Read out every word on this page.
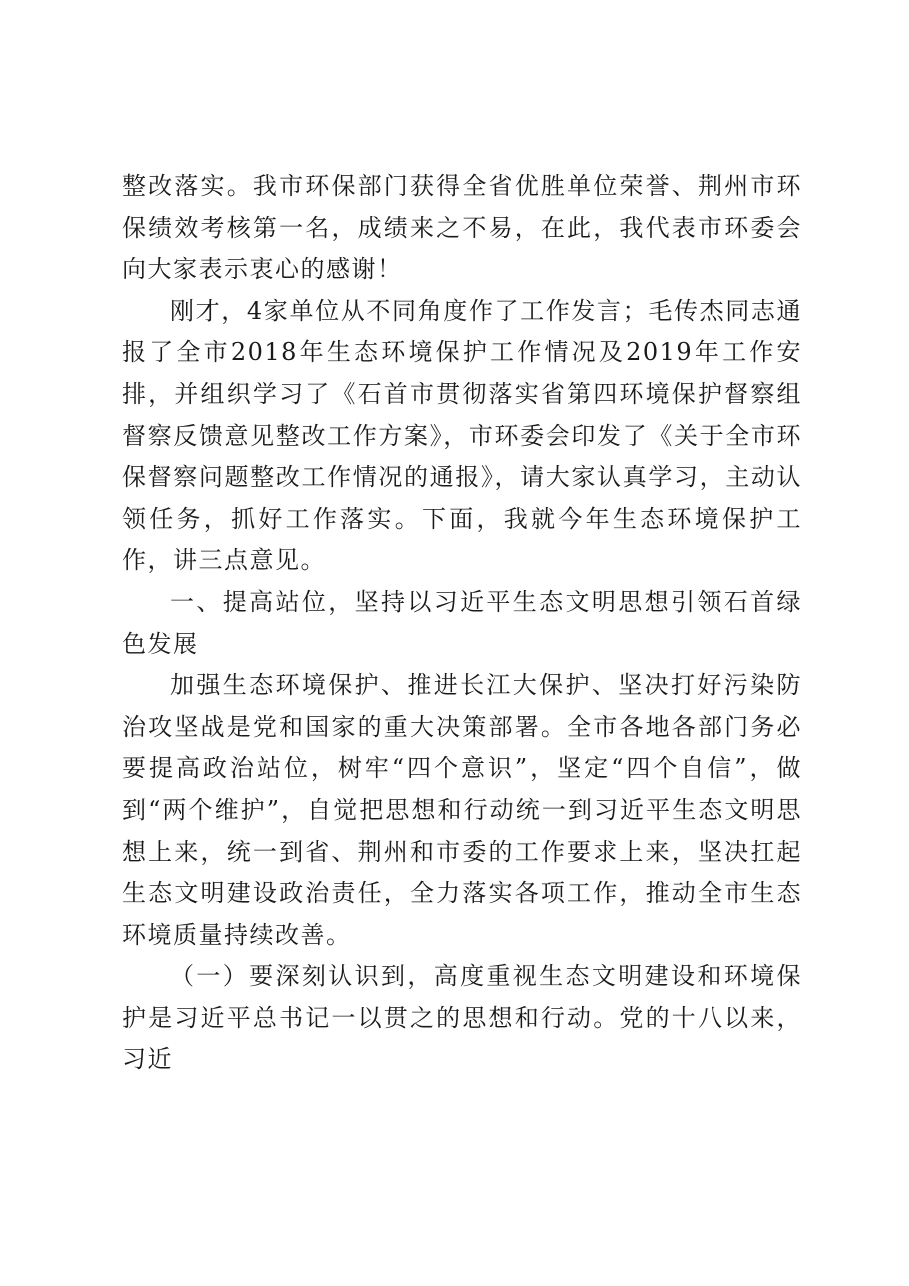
整改落实。我市环保部门获得全省优胜单位荣誉、荆州市环保绩效考核第一名，成绩来之不易，在此，我代表市环委会向大家表示衷心的感谢！

刚才，4家单位从不同角度作了工作发言；毛传杰同志通报了全市2018年生态环境保护工作情况及2019年工作安排，并组织学习了《石首市贯彻落实省第四环境保护督察组督察反馈意见整改工作方案》，市环委会印发了《关于全市环保督察问题整改工作情况的通报》，请大家认真学习，主动认领任务，抓好工作落实。下面，我就今年生态环境保护工作，讲三点意见。

一、提高站位，坚持以习近平生态文明思想引领石首绿色发展

加强生态环境保护、推进长江大保护、坚决打好污染防治攻坚战是党和国家的重大决策部署。全市各地各部门务必要提高政治站位，树牢“四个意识”，坚定“四个自信”，做到“两个维护”，自觉把思想和行动统一到习近平生态文明思想上来，统一到省、荆州和市委的工作要求上来，坚决扛起生态文明建设政治责任，全力落实各项工作，推动全市生态环境质量持续改善。

（一）要深刻认识到，高度重视生态文明建设和环境保护是习近平总书记一以贯之的思想和行动。党的十八以来，习近
